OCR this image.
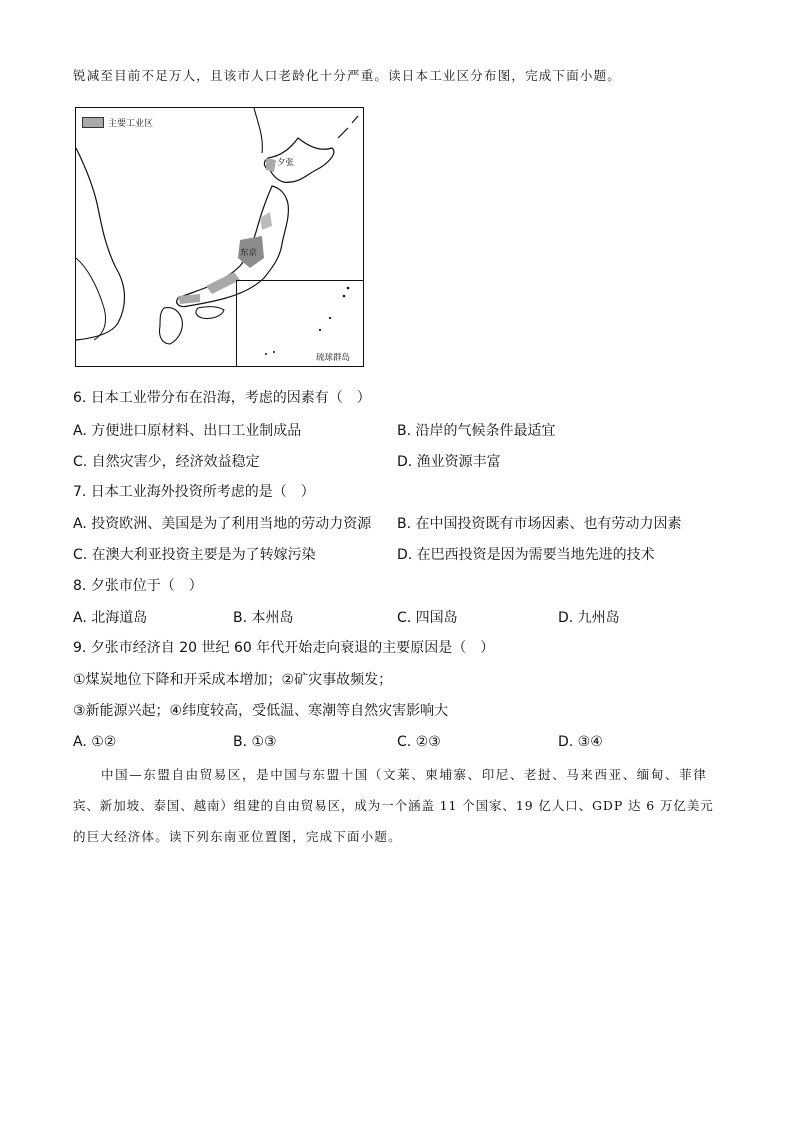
锐减至目前不足万人，且该市人口老龄化十分严重。读日本工业区分布图，完成下面小题。
主要工业区
夕张
东京
琉球群岛
6. 日本工业带分布在沿海，考虑的因素有（　）
A. 方便进口原材料、出口工业制成品	B. 沿岸的气候条件最适宜
C. 自然灾害少，经济效益稳定	D. 渔业资源丰富
7. 日本工业海外投资所考虑的是（　）
A. 投资欧洲、美国是为了利用当地的劳动力资源 B. 在中国投资既有市场因素、也有劳动力因素
C. 在澳大利亚投资主要是为了转嫁污染	D. 在巴西投资是因为需要当地先进的技术
8. 夕张市位于（　）
A. 北海道岛	B. 本州岛	C. 四国岛	D. 九州岛
9. 夕张市经济自 20 世纪 60 年代开始走向衰退的主要原因是（　）
①煤炭地位下降和开采成本增加；②矿灾事故频发；
③新能源兴起；④纬度较高，受低温、寒潮等自然灾害影响大
A. ①②	B. ①③	C. ②③	D. ③④
中国—东盟自由贸易区，是中国与东盟十国（文莱、柬埔寨、印尼、老挝、马来西亚、缅甸、菲律
宾、新加坡、泰国、越南）组建的自由贸易区，成为一个涵盖 11 个国家、19 亿人口、GDP 达 6 万亿美元
的巨大经济体。读下列东南亚位置图，完成下面小题。
